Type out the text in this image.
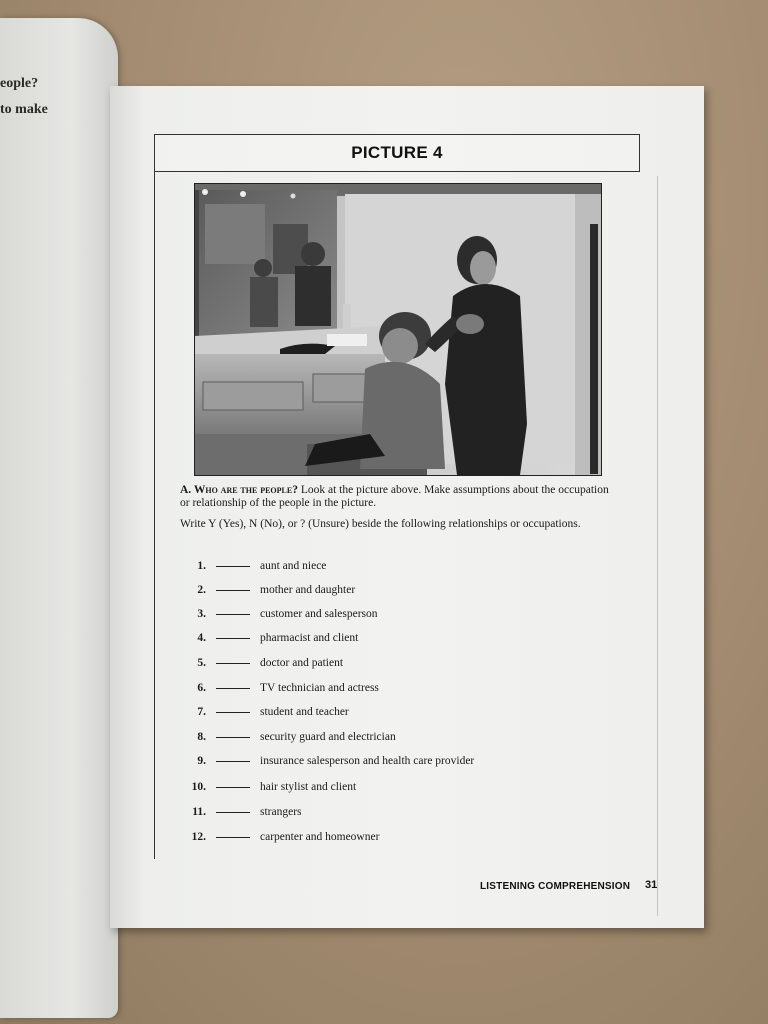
eople?
to make
PICTURE 4
A. Who are the people? Look at the picture above. Make assumptions about the occupation or relationship of the people in the picture.
Write Y (Yes), N (No), or ? (Unsure) beside the following relationships or occupations.
1.	aunt and niece
2.	mother and daughter
3.	customer and salesperson
4.	pharmacist and client
5.	doctor and patient
6.	TV technician and actress
7.	student and teacher
8.	security guard and electrician
9.	insurance salesperson and health care provider
10.	hair stylist and client
11.	strangers
12.	carpenter and homeowner
LISTENING COMPREHENSION 31
